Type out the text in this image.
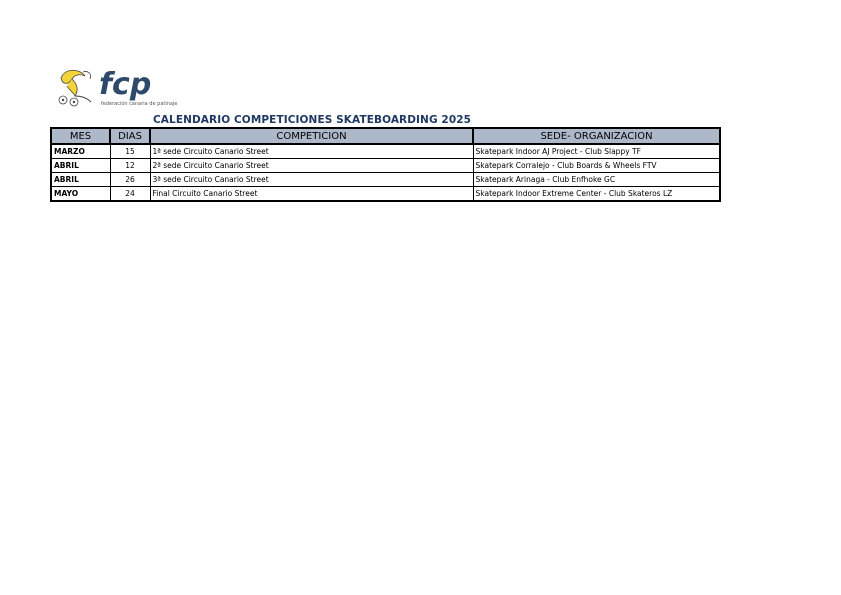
fcp
federación canaria de patinaje
CALENDARIO COMPETICIONES SKATEBOARDING 2025
MES	DIAS	COMPETICION	SEDE- ORGANIZACION
MARZO	15	1ª sede Circuito Canario Street	Skatepark Indoor AJ Project - Club Slappy TF
ABRIL	12	2ª sede Circuito Canario Street	Skatepark Corralejo - Club Boards & Wheels FTV
ABRIL	26	3ª sede Circuito Canario Street	Skatepark Arinaga - Club Enfhoke GC
MAYO	24	Final Circuito Canario Street	Skatepark Indoor Extreme Center - Club Skateros LZ
